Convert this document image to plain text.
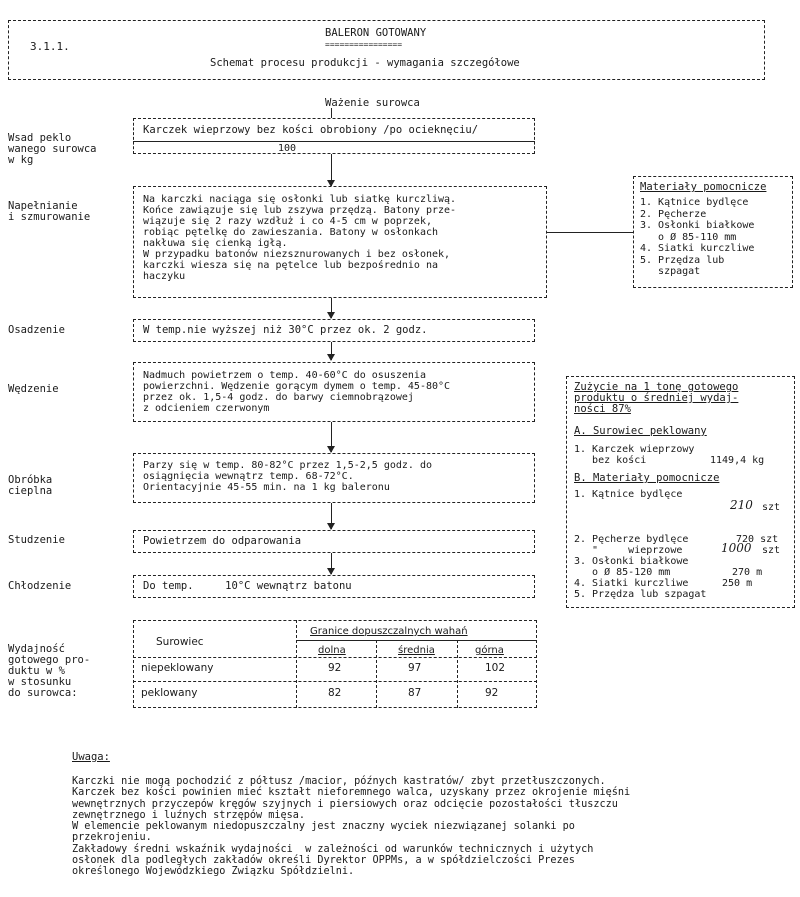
3.1.1.
BALERON GOTOWANY
================
Schemat procesu produkcji - wymagania szczegółowe
Ważenie surowca

Wsad peklo
wanego surowca
w kg
Karczek wieprzowy bez kości obrobiony /po ocieknęciu/
100

Napełnianie
i szmurowanie
Na karczki naciąga się osłonki lub siatkę kurczliwą.
Końce zawiązuje się lub zszywa przędzą. Batony prze-
wiązuje się 2 razy wzdłuż i co 4-5 cm w poprzek,
robiąc pętelkę do zawieszania. Batony w osłonkach
nakłuwa się cienką igłą.
W przypadku batonów niezsznurowanych i bez osłonek,
karczki wiesza się na pętelce lub bezpośrednio na
haczyku
Materiały pomocnicze
1. Kątnice bydlęce
2. Pęcherze
3. Osłonki białkowe
o Ø 85-110 mm
4. Siatki kurczliwe
5. Przędza lub
szpagat
Osadzenie	W temp.nie wyższej niż 30°C przez ok. 2 godz.
Wędzenie
Nadmuch powietrzem o temp. 40-60°C do osuszenia
powierzchni. Wędzenie gorącym dymem o temp. 45-80°C
przez ok. 1,5-4 godz. do barwy ciemnobrązowej
z odcieniem czerwonym
Zużycie na 1 tonę gotowego
produktu o średniej wydaj-
ności 87%
A. Surowiec peklowany
1. Karczek wieprzowy
bez kości	1149,4 kg
B. Materiały pomocnicze
1. Kątnice bydlęce
210 szt
2. Pęcherze bydlęce	720 szt
"     wieprzowe	1000 szt
3. Osłonki białkowe
o Ø 85-120 mm	270 m
4. Siatki kurczliwe	250 m
5. Przędza lub szpagat

Obróbka
cieplna
Parzy się w temp. 80-82°C przez 1,5-2,5 godz. do
osiągnięcia wewnątrz temp. 68-72°C.
Orientacyjnie 45-55 min. na 1 kg baleronu
Studzenie	Powietrzem do odparowania
Chłodzenie	Do temp.     10°C wewnątrz batonu

Wydajność
gotowego pro-
duktu w %
w stosunku
do surowca:
Surowiec
Granice dopuszczalnych wahań
dolna	średnia	górna
niepeklowany	92	97	102
peklowany	82	87	92
Uwaga:
Karczki nie mogą pochodzić z półtusz /macior, późnych kastratów/ zbyt przetłuszczonych.
Karczek bez kości powinien mieć kształt nieforemnego walca, uzyskany przez okrojenie mięśni
wewnętrznych przyczepów kręgów szyjnych i piersiowych oraz odcięcie pozostałości tłuszczu
zewnętrznego i luźnych strzępów mięsa.
W elemencie peklowanym niedopuszczalny jest znaczny wyciek niezwiązanej solanki po
przekrojeniu.
Zakładowy średni wskaźnik wydajności  w zależności od warunków technicznych i użytych
osłonek dla podległych zakładów określi Dyrektor OPPMs, a w spółdzielczości Prezes
określonego Wojewódzkiego Związku Spółdzielni.
